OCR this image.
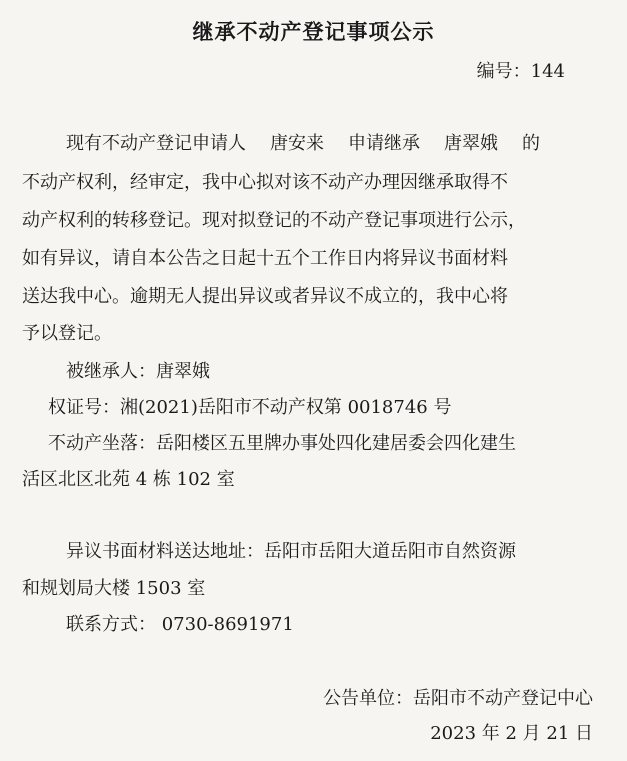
继承不动产登记事项公示
编号：144
现有不动产登记申请人 唐安来 申请继承 唐翠娥 的
不动产权利，经审定，我中心拟对该不动产办理因继承取得不
动产权利的转移登记。现对拟登记的不动产登记事项进行公示，
如有异议，请自本公告之日起十五个工作日内将异议书面材料
送达我中心。逾期无人提出异议或者异议不成立的，我中心将
予以登记。
被继承人：唐翠娥
权证号：湘(2021)岳阳市不动产权第 0018746 号
不动产坐落：岳阳楼区五里牌办事处四化建居委会四化建生
活区北区北苑 4 栋 102 室
异议书面材料送达地址：岳阳市岳阳大道岳阳市自然资源
和规划局大楼 1503 室
联系方式： 0730-8691971
公告单位：岳阳市不动产登记中心
2023 年 2 月 21 日
